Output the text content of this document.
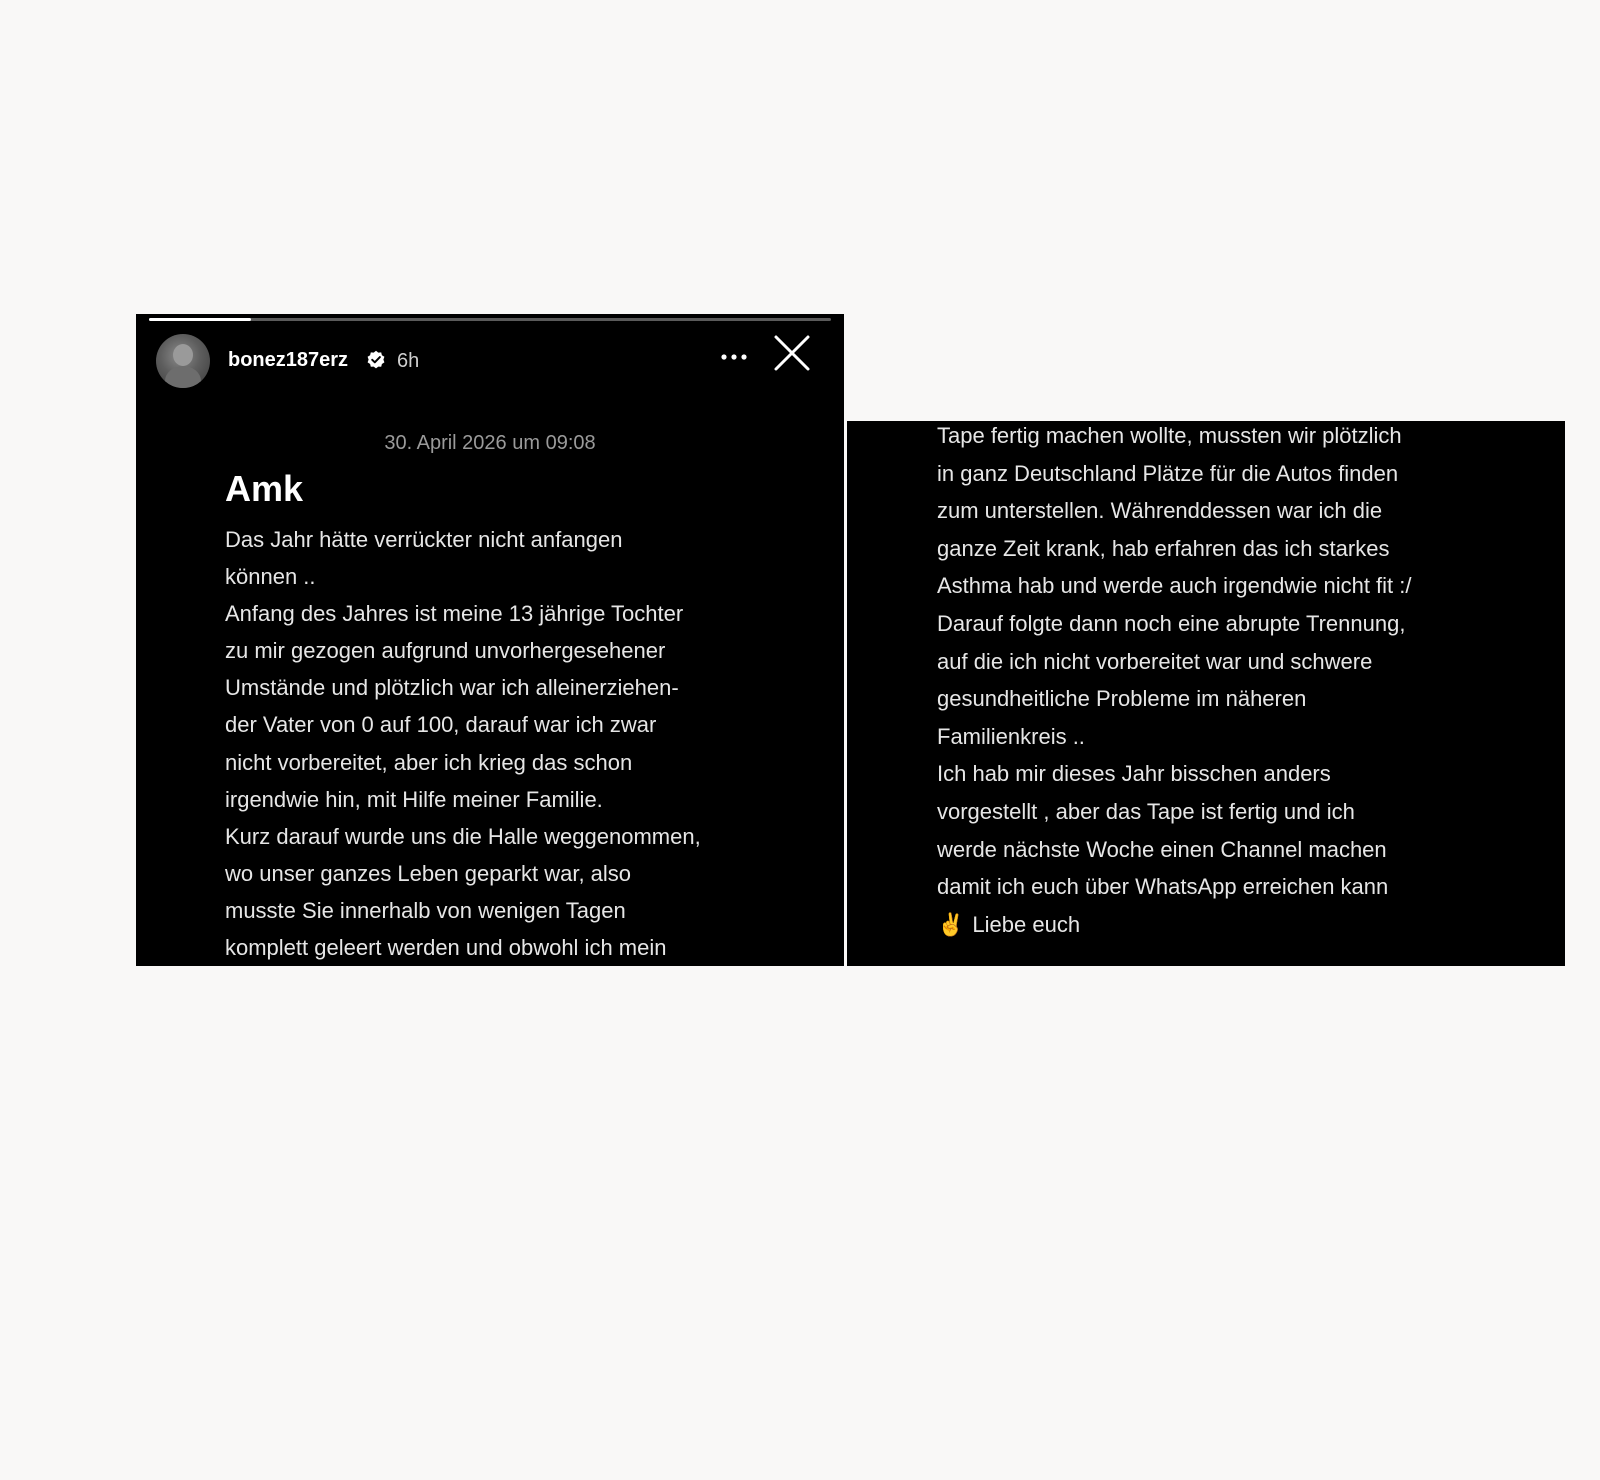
bonez187erz 6h
30. April 2026 um 09:08
Amk
Das Jahr hätte verrückter nicht anfangen
können ..
Anfang des Jahres ist meine 13 jährige Tochter
zu mir gezogen aufgrund unvorhergesehener
Umstände und plötzlich war ich alleinerziehen-
der Vater von 0 auf 100, darauf war ich zwar
nicht vorbereitet, aber ich krieg das schon
irgendwie hin, mit Hilfe meiner Familie.
Kurz darauf wurde uns die Halle weggenommen,
wo unser ganzes Leben geparkt war, also
musste Sie innerhalb von wenigen Tagen
komplett geleert werden und obwohl ich mein
Tape fertig machen wollte, mussten wir plötzlich
in ganz Deutschland Plätze für die Autos finden
zum unterstellen. Währenddessen war ich die
ganze Zeit krank, hab erfahren das ich starkes
Asthma hab und werde auch irgendwie nicht fit :/
Darauf folgte dann noch eine abrupte Trennung,
auf die ich nicht vorbereitet war und schwere
gesundheitliche Probleme im näheren
Familienkreis ..
Ich hab mir dieses Jahr bisschen anders
vorgestellt , aber das Tape ist fertig und ich
werde nächste Woche einen Channel machen
damit ich euch über WhatsApp erreichen kann
✌️ Liebe euch
